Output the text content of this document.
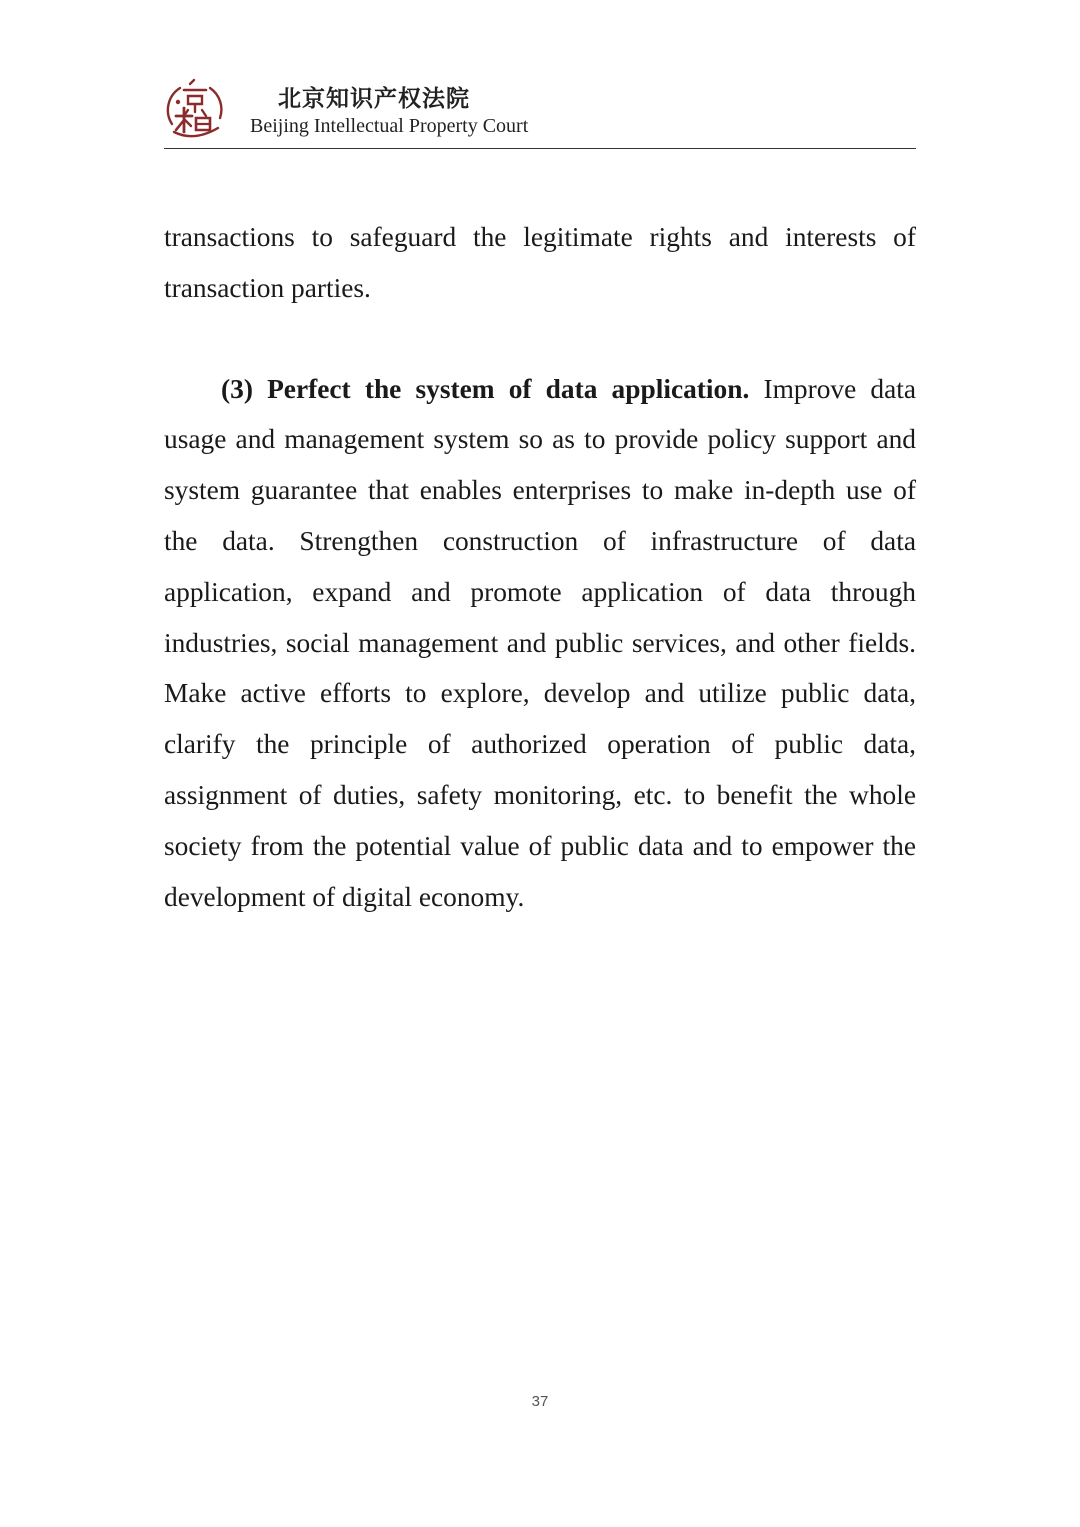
北京知识产权法院
Beijing Intellectual Property Court

transactions to safeguard the legitimate rights and interests of transaction parties.

(3) Perfect the system of data application. Improve data usage and management system so as to provide policy support and system guarantee that enables enterprises to make in-depth use of the data. Strengthen construction of infrastructure of data application, expand and promote application of data through industries, social management and public services, and other fields. Make active efforts to explore, develop and utilize public data, clarify the principle of authorized operation of public data, assignment of duties, safety monitoring, etc. to benefit the whole society from the potential value of public data and to empower the development of digital economy.

37
